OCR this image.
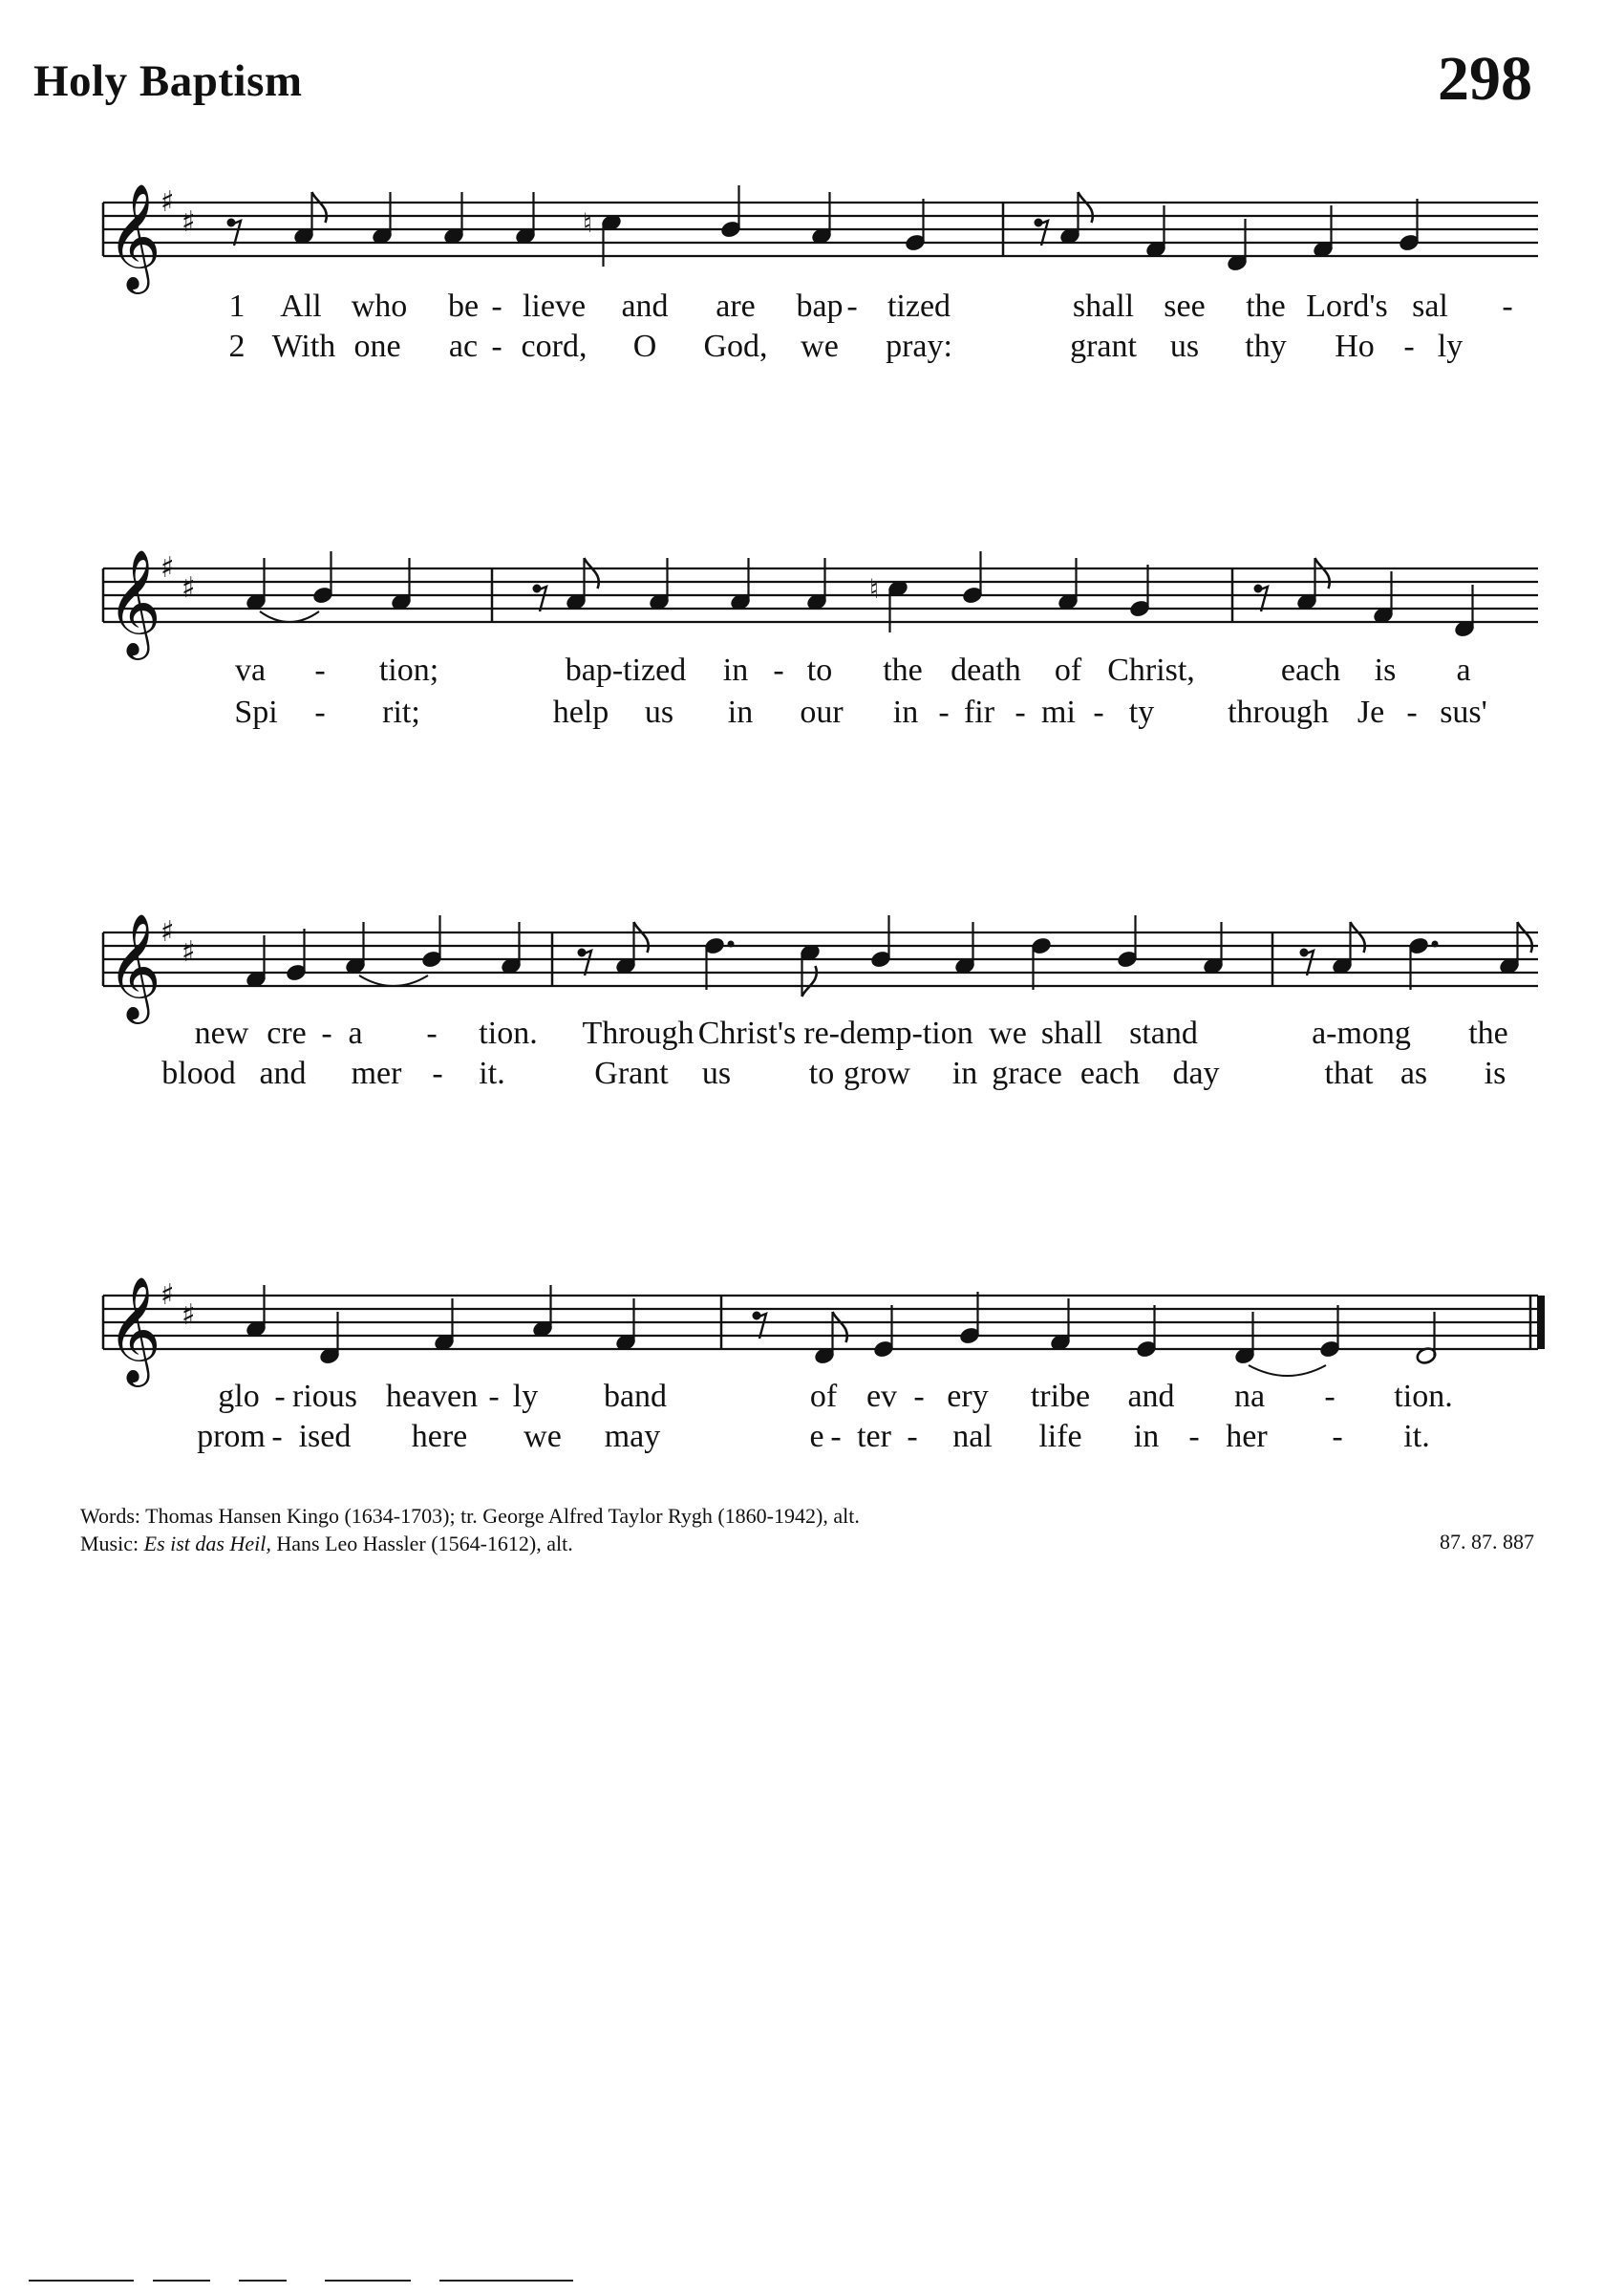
Holy Baptism	298
𝄞 ♯
♯	♮
1 All who be - lieve and are bap - tized	shall see the Lord's sal -
2 With one ac - cord, O God, we pray:	grant us thy Ho - ly
𝄞 ♯
♯	♮
va - tion;	bap-tized in - to the death of Christ,	each is a
Spi - rit;	help us in our in - fir - mi - ty through Je - sus'
𝄞 ♯
♯
new cre - a - tion. Through Christ's re-demp-tion we shall stand	a-mong the
blood and mer - it.	Grant us to grow in grace each day	that as is
𝄞 ♯
♯
glo - rious heaven - ly band	of ev - ery tribe and na - tion.
prom - ised here we may	e - ter - nal life in - her - it.
Words: Thomas Hansen Kingo (1634-1703); tr. George Alfred Taylor Rygh (1860-1942), alt.
Music: Es ist das Heil, Hans Leo Hassler (1564-1612), alt.	87. 87. 887
